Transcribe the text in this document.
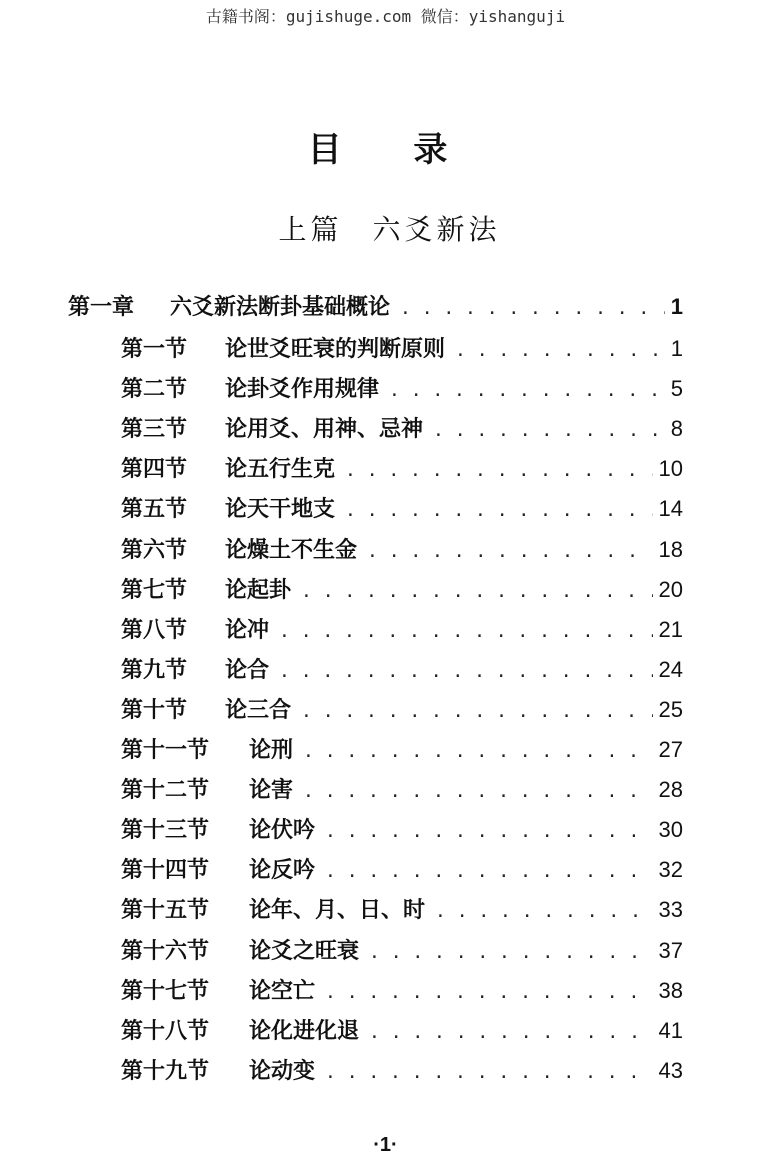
古籍书阁：gujishuge.com 微信：yishanguji
目 录
上篇 六爻新法
第一章	六爻新法断卦基础概论 . . .	1
第一节	论世爻旺衰的判断原则 . . .	1
第二节	论卦爻作用规律 . . .	5
第三节	论用爻、用神、忌神 . . .	8
第四节	论五行生克 . . .	10
第五节	论天干地支 . . .	14
第六节	论燥土不生金 . . .	18
第七节	论起卦 . . .	20
第八节	论冲 . . .	21
第九节	论合 . . .	24
第十节	论三合 . . .	25
第十一节	论刑 . . .	27
第十二节	论害 . . .	28
第十三节	论伏吟 . . .	30
第十四节	论反吟 . . .	32
第十五节	论年、月、日、时 . . .	33
第十六节	论爻之旺衰 . . .	37
第十七节	论空亡 . . .	38
第十八节	论化进化退 . . .	41
第十九节	论动变 . . .	43
·1·
